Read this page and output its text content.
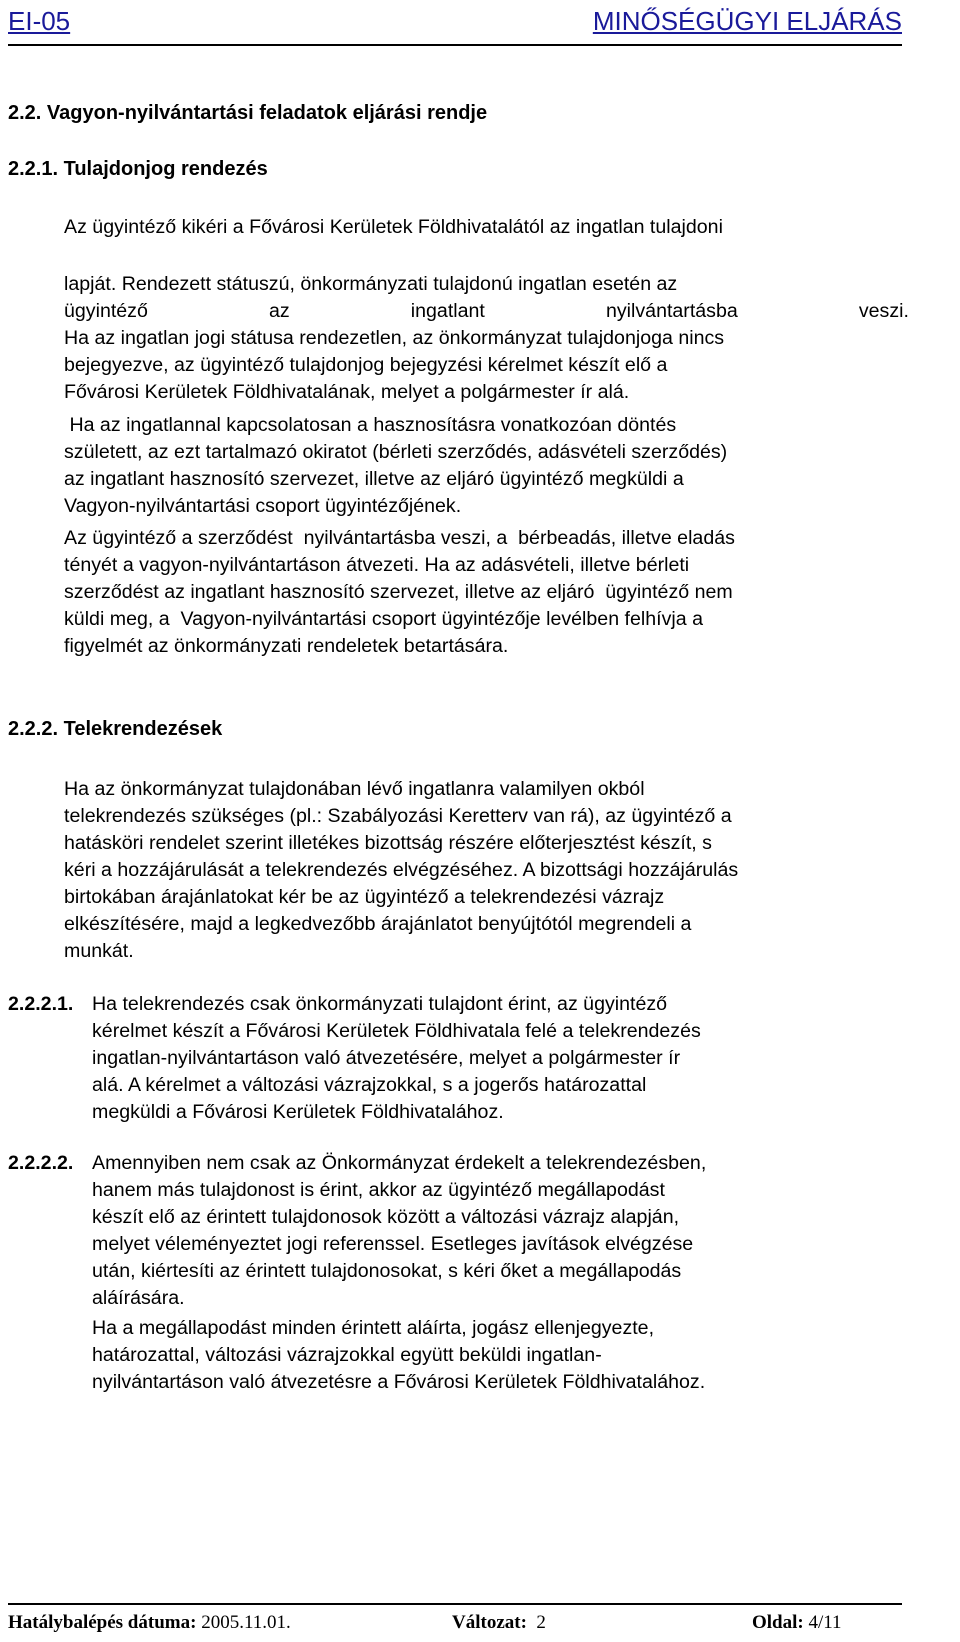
EI-05	MINŐSÉGÜGYI ELJÁRÁS
2.2. Vagyon-nyilvántartási feladatok eljárási rendje
2.2.1. Tulajdonjog rendezés
Az ügyintéző kikéri a Fővárosi Kerületek Földhivatalától az ingatlan tulajdoni
lapját. Rendezett státuszú, önkormányzati tulajdonú ingatlan esetén az
ügyintéző	az	ingatlant	nyilvántartásba	veszi.
Ha az ingatlan jogi státusa rendezetlen, az önkormányzat tulajdonjoga nincs
bejegyezve, az ügyintéző tulajdonjog bejegyzési kérelmet készít elő a
Fővárosi Kerületek Földhivatalának, melyet a polgármester ír alá.
Ha az ingatlannal kapcsolatosan a hasznosításra vonatkozóan döntés
született, az ezt tartalmazó okiratot (bérleti szerződés, adásvételi szerződés)
az ingatlant hasznosító szervezet, illetve az eljáró ügyintéző megküldi a
Vagyon-nyilvántartási csoport ügyintézőjének.
Az ügyintéző a szerződést  nyilvántartásba veszi, a  bérbeadás, illetve eladás
tényét a vagyon-nyilvántartáson átvezeti. Ha az adásvételi, illetve bérleti
szerződést az ingatlant hasznosító szervezet, illetve az eljáró  ügyintéző nem
küldi meg, a  Vagyon-nyilvántartási csoport ügyintézője levélben felhívja a
figyelmét az önkormányzati rendeletek betartására.
2.2.2. Telekrendezések
Ha az önkormányzat tulajdonában lévő ingatlanra valamilyen okból
telekrendezés szükséges (pl.: Szabályozási Keretterv van rá), az ügyintéző a
hatásköri rendelet szerint illetékes bizottság részére előterjesztést készít, s
kéri a hozzájárulását a telekrendezés elvégzéséhez. A bizottsági hozzájárulás
birtokában árajánlatokat kér be az ügyintéző a telekrendezési vázrajz
elkészítésére, majd a legkedvezőbb árajánlatot benyújtótól megrendeli a
munkát.
2.2.2.1. Ha telekrendezés csak önkormányzati tulajdont érint, az ügyintéző
kérelmet készít a Fővárosi Kerületek Földhivatala felé a telekrendezés
ingatlan-nyilvántartáson való átvezetésére, melyet a polgármester ír
alá. A kérelmet a változási vázrajzokkal, s a jogerős határozattal
megküldi a Fővárosi Kerületek Földhivatalához.
2.2.2.2. Amennyiben nem csak az Önkormányzat érdekelt a telekrendezésben,
hanem más tulajdonost is érint, akkor az ügyintéző megállapodást
készít elő az érintett tulajdonosok között a változási vázrajz alapján,
melyet véleményeztet jogi referenssel. Esetleges javítások elvégzése
után, kiértesíti az érintett tulajdonosokat, s kéri őket a megállapodás
aláírására.
Ha a megállapodást minden érintett aláírta, jogász ellenjegyezte,
határozattal, változási vázrajzokkal együtt beküldi ingatlan-
nyilvántartáson való átvezetésre a Fővárosi Kerületek Földhivatalához.
Hatálybalépés dátuma: 2005.11.01.	Változat:  2	Oldal: 4/11
